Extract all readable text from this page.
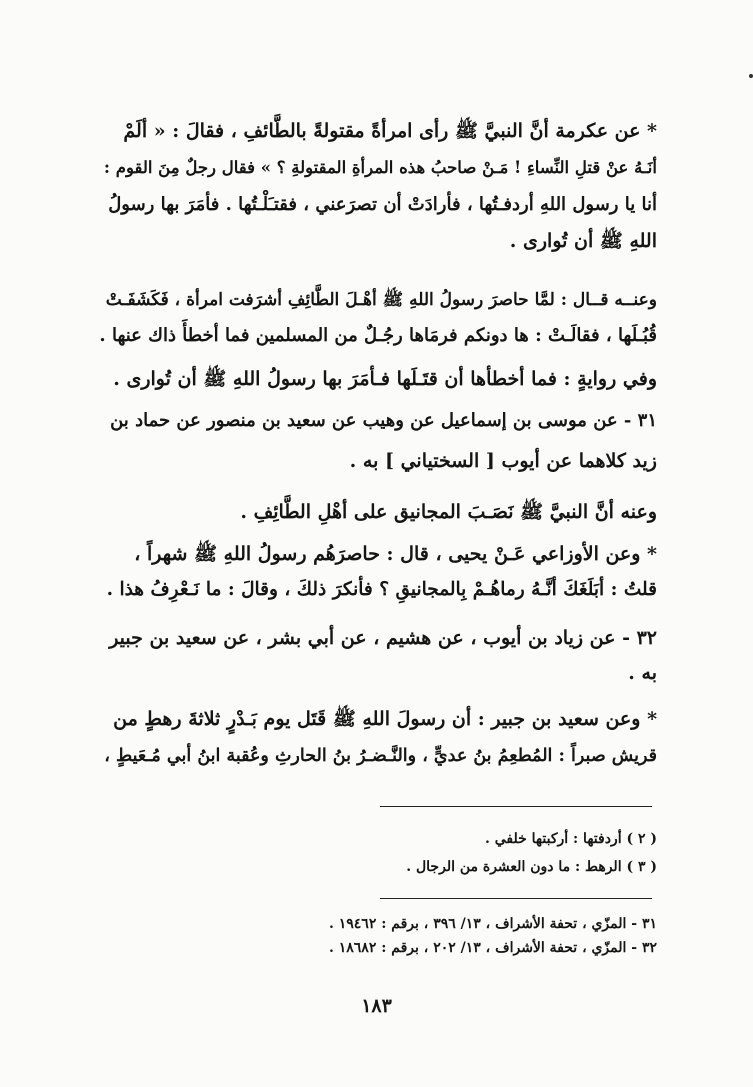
* عن عكرمة أنَّ النبيَّ ﷺ رأى امرأةً مقتولةً بالطَّائفِ ، فقالَ : « ألَمْ
أنَـهُ عنْ قتلِ النِّساءِ ! مَـنْ صاحبُ هذه المرأةِ المقتولةِ ؟ » فقال رجلٌ مِنَ القوم :
أنا يا رسول اللهِ أردفـتُها ، فأرادَتْ أن تصرَعني ، فقتـَلْـتُها . فأمَرَ بها رسولُ
اللهِ ﷺ أن تُوارى .
وعنــه قــال : لمَّا حاصرَ رسولُ اللهِ ﷺ أهْـلَ الطَّائِفِ أشرَفت امرأة ، فَكَشَفَـتْ
قُبُـلَها ، فقالَـتْ : ها دونكم فرمَاها رجُـلٌ من المسلمين فما أخطأَ ذاك عنها .
وفي روايةٍ : فما أخطأها أن قتَـلَها فـأمَرَ بها رسولُ اللهِ ﷺ أن تُوارى .
٣١ - عن موسى بن إسماعيل عن وهيب عن سعيد بن منصور عن حماد بن
زيد كلاهما عن أيوب [ السختياني ] به .
وعنه أنَّ النبيَّ ﷺ نَصَـبَ المجانيق على أهْلِ الطَّائِفِ .
* وعن الأوزاعي عَـنْ يحيى ، قال : حاصرَهُم رسولُ اللهِ ﷺ شهراً ،
قلتُ : أبَلَغَكَ أنَّـهُ رماهُـمْ بِالمجانيقِ ؟ فأنكرَ ذلكَ ، وقالَ : ما نَـعْرِفُ هذا .
٣٢ - عن زياد بن أيوب ، عن هشيم ، عن أبي بشر ، عن سعيد بن جبير
به .
* وعن سعيد بن جبير : أن رسولَ اللهِ ﷺ قَتَل يوم بَـدْرٍ ثلاثةَ رهطٍ من
قريش صبراً : المُطعِمُ بنُ عديٍّ ، والنَّـضـرُ بنُ الحارثِ وعُقبة ابنُ أبي مُـعَيطٍ ،
( ٢ ) أردفتها : أركبتها خلفي .
( ٣ ) الرهط : ما دون العشرة من الرجال .
٣١ - المزّي ، تحفة الأشراف ، ١٣/ ٣٩٦ ، برقم : ١٩٤٦٢ .
٣٢ - المزّي ، تحفة الأشراف ، ١٣/ ٢٠٢ ، برقم : ١٨٦٨٢ .
١٨٣
